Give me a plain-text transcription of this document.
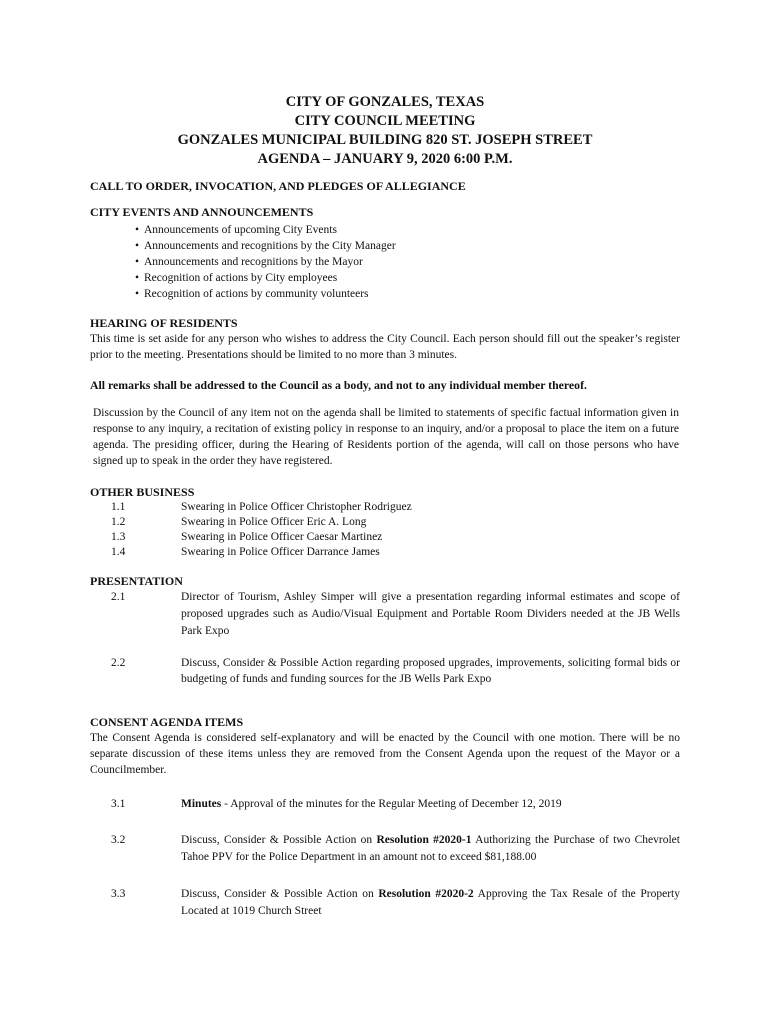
CITY OF GONZALES, TEXAS
CITY COUNCIL MEETING
GONZALES MUNICIPAL BUILDING 820 ST. JOSEPH STREET
AGENDA – JANUARY 9, 2020 6:00 P.M.
CALL TO ORDER, INVOCATION, AND PLEDGES OF ALLEGIANCE
CITY EVENTS AND ANNOUNCEMENTS
• Announcements of upcoming City Events
• Announcements and recognitions by the City Manager
• Announcements and recognitions by the Mayor
• Recognition of actions by City employees
• Recognition of actions by community volunteers
HEARING OF RESIDENTS

This time is set aside for any person who wishes to address the City Council. Each person should fill out the speaker’s register prior to the meeting. Presentations should be limited to no more than 3 minutes.

All remarks shall be addressed to the Council as a body, and not to any individual member thereof.

Discussion by the Council of any item not on the agenda shall be limited to statements of specific factual information given in response to any inquiry, a recitation of existing policy in response to an inquiry, and/or a proposal to place the item on a future agenda. The presiding officer, during the Hearing of Residents portion of the agenda, will call on those persons who have signed up to speak in the order they have registered.

OTHER BUSINESS
1.1	Swearing in Police Officer Christopher Rodriguez
1.2	Swearing in Police Officer Eric A. Long
1.3	Swearing in Police Officer Caesar Martinez
1.4	Swearing in Police Officer Darrance James
PRESENTATION
2.1	Director of Tourism, Ashley Simper will give a presentation regarding informal estimates and scope of proposed upgrades such as Audio/Visual Equipment and Portable Room Dividers needed at the JB Wells Park Expo
2.2	Discuss, Consider & Possible Action regarding proposed upgrades, improvements, soliciting formal bids or budgeting of funds and funding sources for the JB Wells Park Expo
CONSENT AGENDA ITEMS

The Consent Agenda is considered self-explanatory and will be enacted by the Council with one motion. There will be no separate discussion of these items unless they are removed from the Consent Agenda upon the request of the Mayor or a Councilmember.

3.1	Minutes - Approval of the minutes for the Regular Meeting of December 12, 2019
3.2	Discuss, Consider & Possible Action on Resolution #2020-1 Authorizing the Purchase of two Chevrolet Tahoe PPV for the Police Department in an amount not to exceed $81,188.00
3.3	Discuss, Consider & Possible Action on Resolution #2020-2 Approving the Tax Resale of the Property Located at 1019 Church Street
